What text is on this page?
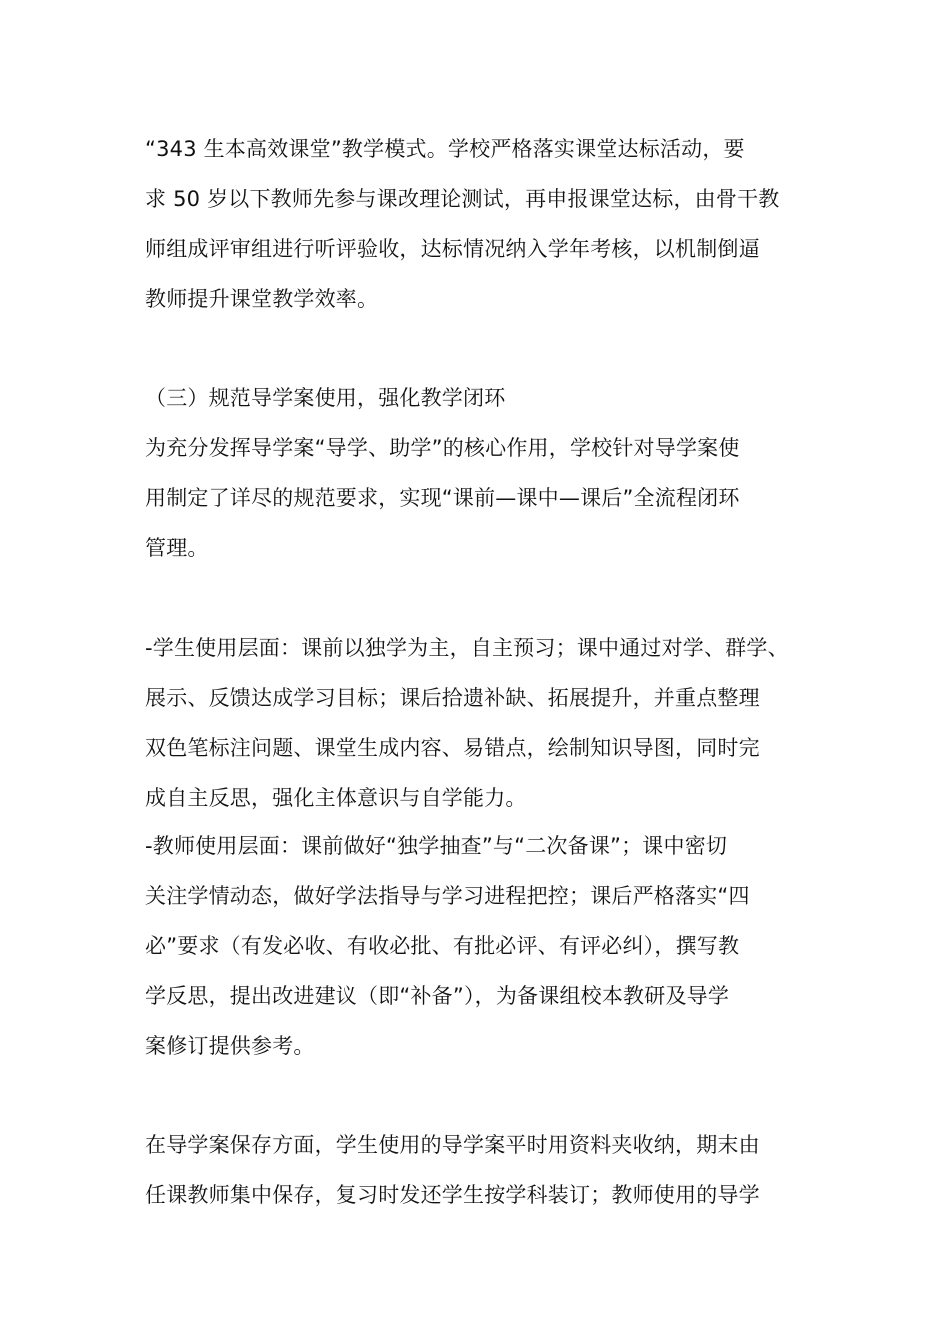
“343 生本高效课堂”教学模式。学校严格落实课堂达标活动，要
求 50 岁以下教师先参与课改理论测试，再申报课堂达标，由骨干教
师组成评审组进行听评验收，达标情况纳入学年考核，以机制倒逼
教师提升课堂教学效率。
（三）规范导学案使用，强化教学闭环
为充分发挥导学案“导学、助学”的核心作用，学校针对导学案使
用制定了详尽的规范要求，实现“课前—课中—课后”全流程闭环
管理。
-学生使用层面：课前以独学为主，自主预习；课中通过对学、群学、
展示、反馈达成学习目标；课后拾遗补缺、拓展提升，并重点整理
双色笔标注问题、课堂生成内容、易错点，绘制知识导图，同时完
成自主反思，强化主体意识与自学能力。
-教师使用层面：课前做好“独学抽查”与“二次备课”；课中密切
关注学情动态，做好学法指导与学习进程把控；课后严格落实“四
必”要求（有发必收、有收必批、有批必评、有评必纠），撰写教
学反思，提出改进建议（即“补备”），为备课组校本教研及导学
案修订提供参考。
在导学案保存方面，学生使用的导学案平时用资料夹收纳，期末由
任课教师集中保存，复习时发还学生按学科装订；教师使用的导学
